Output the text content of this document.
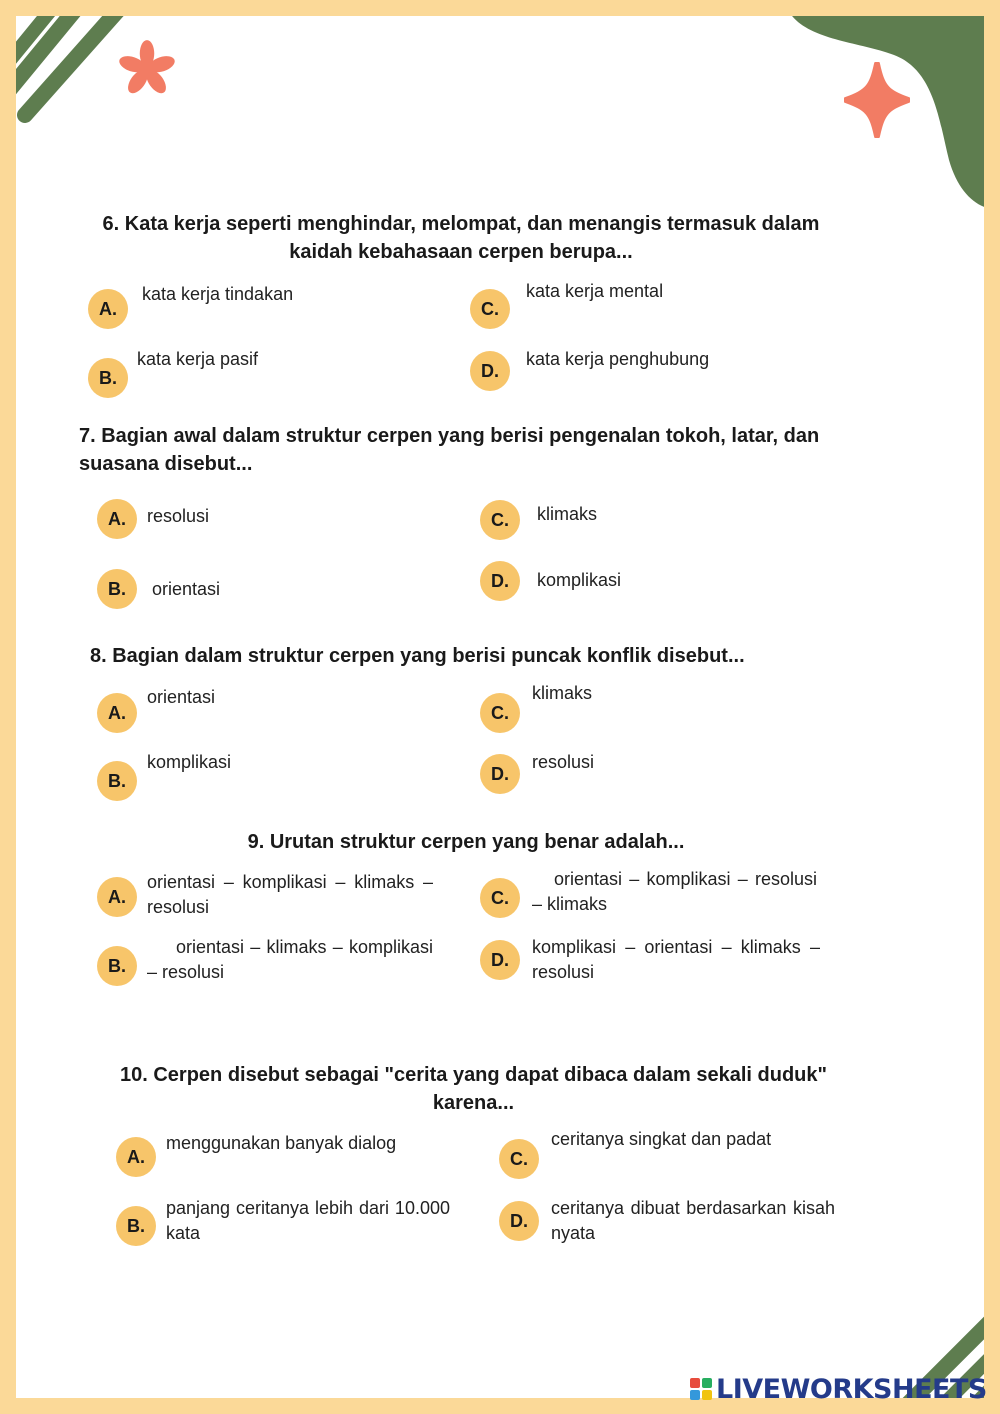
6. Kata kerja seperti menghindar, melompat, dan menangis termasuk dalam kaidah kebahasaan cerpen berupa...
A.
kata kerja tindakan
B.
kata kerja pasif
C.
kata kerja mental
D.
kata kerja penghubung
7. Bagian awal dalam struktur cerpen yang berisi pengenalan tokoh, latar, dan suasana disebut...
A.	resolusi
B.	orientasi
C.	klimaks
D.	komplikasi
8. Bagian dalam struktur cerpen yang berisi puncak konflik disebut...
A.
orientasi
B.
komplikasi
C.
klimaks
D.
resolusi
9. Urutan struktur cerpen yang benar adalah...
A.
orientasi – komplikasi – klimaks – resolusi
B.
orientasi – klimaks – komplikasi – resolusi
C.
orientasi – komplikasi – resolusi – klimaks
D.
komplikasi – orientasi – klimaks – resolusi
10. Cerpen disebut sebagai "cerita yang dapat dibaca dalam sekali duduk" karena...
A.
menggunakan banyak dialog
B.
panjang ceritanya lebih dari 10.000 kata
C.
ceritanya singkat dan padat
D.
ceritanya dibuat berdasarkan kisah nyata
LIVEWORKSHEETS
